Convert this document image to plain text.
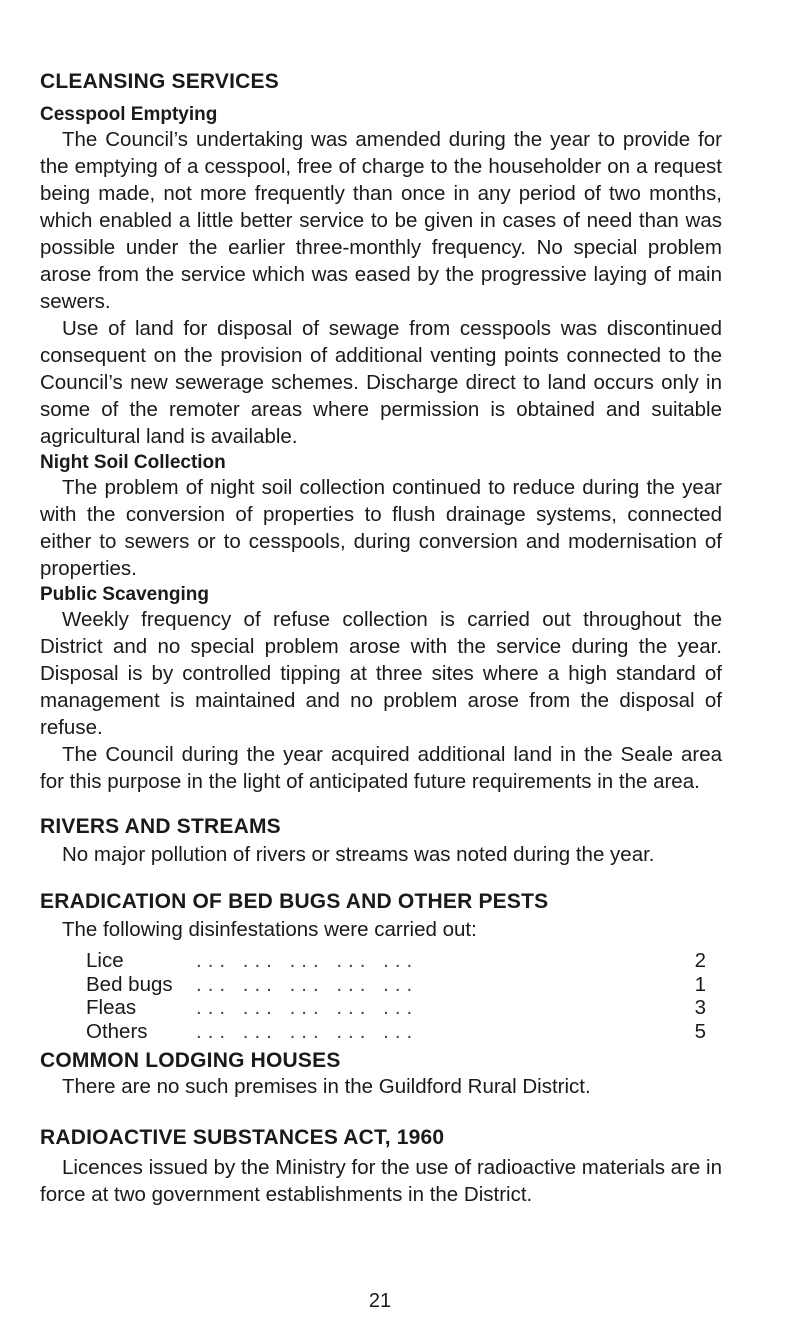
CLEANSING SERVICES
Cesspool Emptying

The Council’s undertaking was amended during the year to provide for the emptying of a cesspool, free of charge to the householder on a request being made, not more frequently than once in any period of two months, which enabled a little better service to be given in cases of need than was possible under the earlier three-monthly frequency. No special problem arose from the service which was eased by the progressive laying of main sewers.

Use of land for disposal of sewage from cesspools was discontinued consequent on the provision of additional venting points connected to the Council’s new sewerage schemes. Discharge direct to land occurs only in some of the remoter areas where permission is obtained and suitable agricultural land is available.

Night Soil Collection

The problem of night soil collection continued to reduce during the year with the conversion of properties to flush drainage systems, connected either to sewers or to cesspools, during conversion and modernisation of properties.

Public Scavenging

Weekly frequency of refuse collection is carried out throughout the District and no special problem arose with the service during the year. Disposal is by controlled tipping at three sites where a high standard of management is maintained and no problem arose from the disposal of refuse.

The Council during the year acquired additional land in the Seale area for this purpose in the light of anticipated future requirements in the area.

RIVERS AND STREAMS

No major pollution of rivers or streams was noted during the year.

ERADICATION OF BED BUGS AND OTHER PESTS

The following disinfestations were carried out:

Lice	... ... ... ... ...	2
Bed bugs	... ... ... ... ...	1
Fleas	... ... ... ... ...	3
Others	... ... ... ... ...	5
COMMON LODGING HOUSES

There are no such premises in the Guildford Rural District.

RADIOACTIVE SUBSTANCES ACT, 1960

Licences issued by the Ministry for the use of radioactive materials are in force at two government establishments in the District.

21
